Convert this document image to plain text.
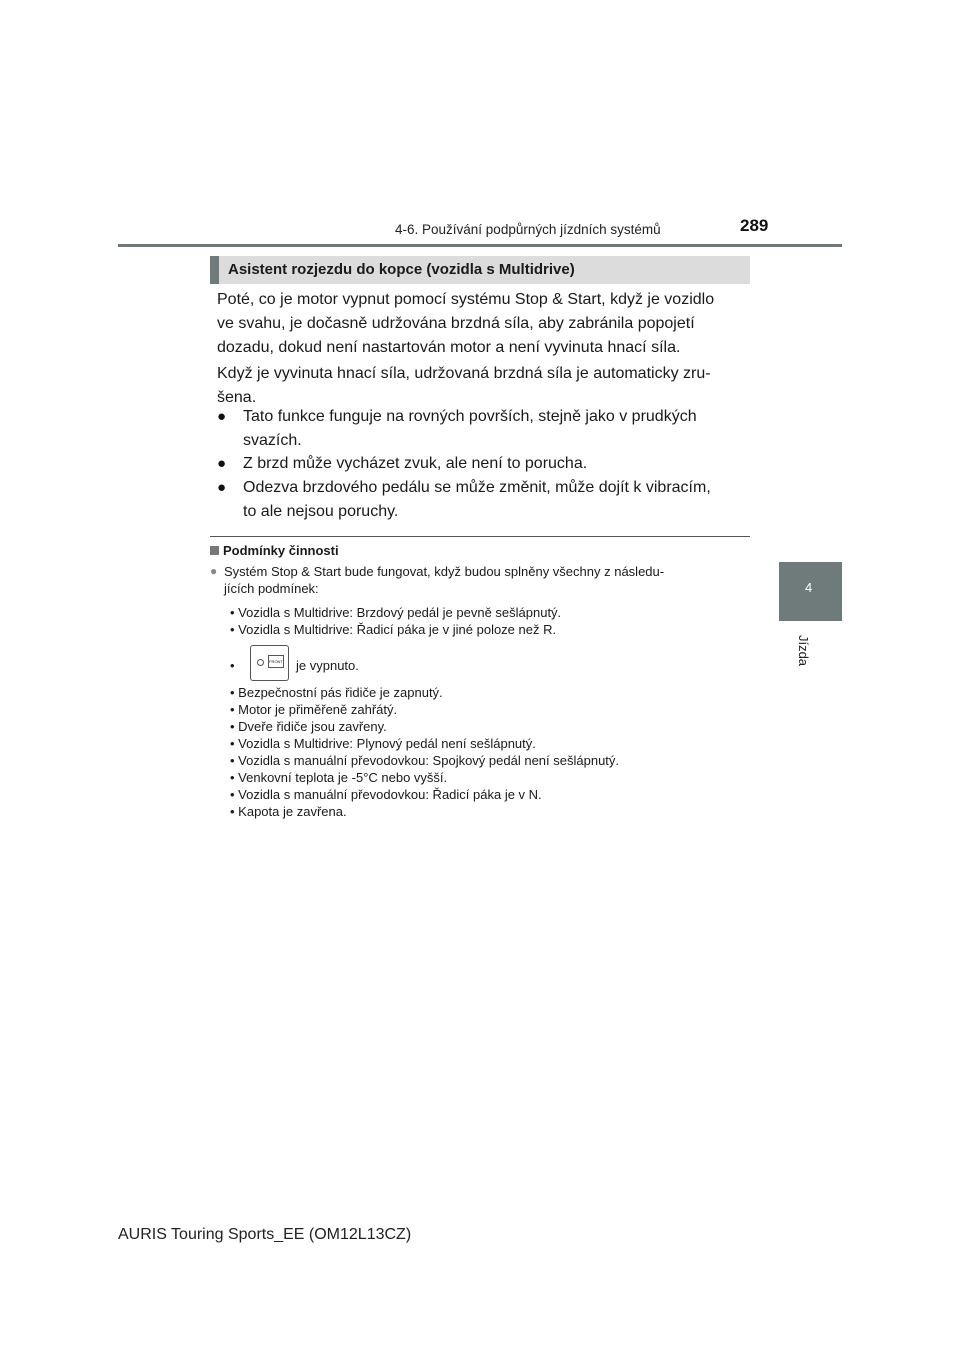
4-6. Používání podpůrných jízdních systémů	289
4
Jízda
Asistent rozjezdu do kopce (vozidla s Multidrive)
Poté, co je motor vypnut pomocí systému Stop & Start, když je vozidlo
ve svahu, je dočasně udržována brzdná síla, aby zabránila popojetí
dozadu, dokud není nastartován motor a není vyvinuta hnací síla.
Když je vyvinuta hnací síla, udržovaná brzdná síla je automaticky zru-
šena.
● Tato funkce funguje na rovných površích, stejně jako v prudkých
svazích.
● Z brzd může vycházet zvuk, ale není to porucha.
● Odezva brzdového pedálu se může změnit, může dojít k vibracím,
to ale nejsou poruchy.
Podmínky činnosti
● Systém Stop & Start bude fungovat, když budou splněny všechny z následu-
jících podmínek:
• Vozidla s Multidrive: Brzdový pedál je pevně sešlápnutý.
• Vozidla s Multidrive: Řadicí páka je v jiné poloze než R.
•	FRONT je vypnuto.
• Bezpečnostní pás řidiče je zapnutý.
• Motor je přiměřeně zahřátý.
• Dveře řidiče jsou zavřeny.
• Vozidla s Multidrive: Plynový pedál není sešlápnutý.
• Vozidla s manuální převodovkou: Spojkový pedál není sešlápnutý.
• Venkovní teplota je -5°C nebo vyšší.
• Vozidla s manuální převodovkou: Řadicí páka je v N.
• Kapota je zavřena.
AURIS Touring Sports_EE (OM12L13CZ)
